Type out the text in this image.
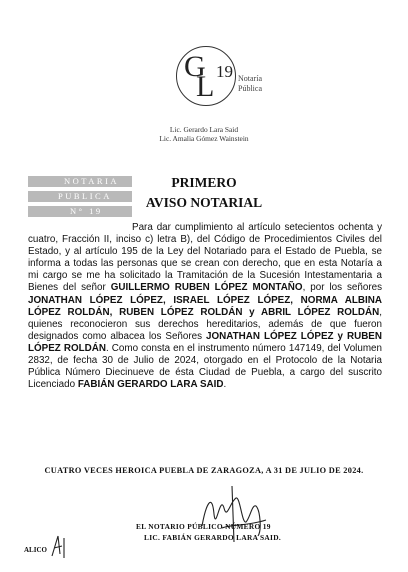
G
L 19 Notaría
Pública
Lic. Gerardo Lara Said
Lic. Amalia Gómez Wainstein
NOTARIA
PUBLICA
N° 19
PRIMERO
AVISO NOTARIAL

Para dar cumplimiento al artículo setecientos ochenta y cuatro, Fracción II, inciso c) letra B), del Código de Procedimientos Civiles del Estado, y al artículo 195 de la Ley del Notariado para el Estado de Puebla, se informa a todas las personas que se crean con derecho, que en esta Notaría a mi cargo se me ha solicitado la Tramitación de la Sucesión Intestamentaria a Bienes del señor GUILLERMO RUBEN LÓPEZ MONTAÑO, por los señores JONATHAN LÓPEZ LÓPEZ, ISRAEL LÓPEZ LÓPEZ, NORMA ALBINA LÓPEZ ROLDÁN, RUBEN LÓPEZ ROLDÁN y ABRIL LÓPEZ ROLDÁN, quienes reconocieron sus derechos hereditarios, además de que fueron designados como albacea los Señores JONATHAN LÓPEZ LÓPEZ y RUBEN LÓPEZ ROLDÁN. Como consta en el instrumento número 147149, del Volumen 2832, de fecha 30 de Julio de 2024, otorgado en el Protocolo de la Notaria Pública Número Diecinueve de ésta Ciudad de Puebla, a cargo del suscrito Licenciado FABIÁN GERARDO LARA SAID.

CUATRO VECES HEROICA PUEBLA DE ZARAGOZA, A 31 DE JULIO DE 2024.
EL NOTARIO PÚBLICO NÚMERO 19
LIC. FABIÁN GERARDO LARA SAID.
ALICO
